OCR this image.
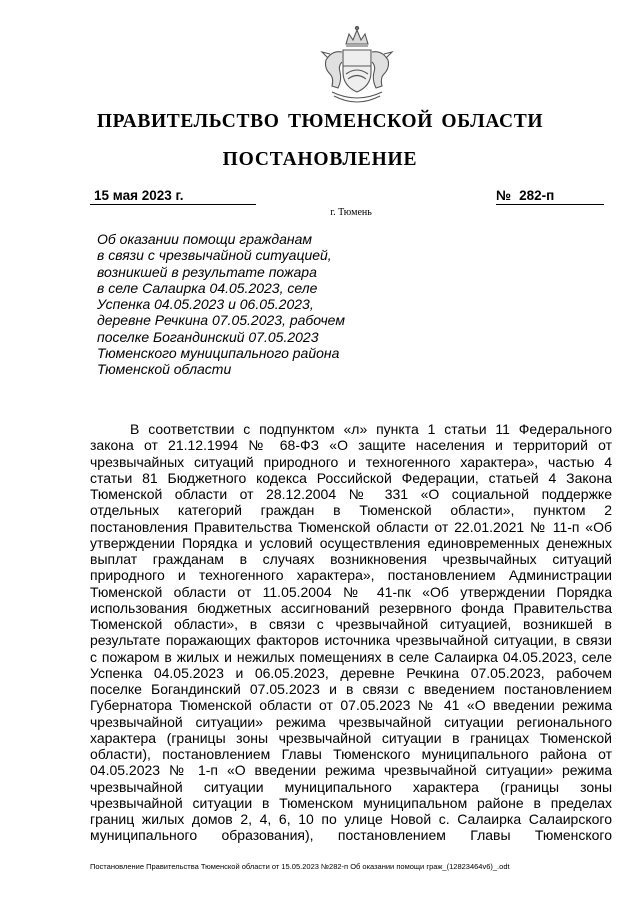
ПРАВИТЕЛЬСТВО ТЮМЕНСКОЙ ОБЛАСТИ
ПОСТАНОВЛЕНИЕ
15 мая 2023 г.	№ 282-п
г. Тюмень
Об оказании помощи гражданам
в связи с чрезвычайной ситуацией,
возникшей в результате пожара
в селе Салаирка 04.05.2023, селе
Успенка 04.05.2023 и 06.05.2023,
деревне Речкина 07.05.2023, рабочем
поселке Богандинский 07.05.2023
Тюменского муниципального района
Тюменской области
В соответствии с подпунктом «л» пункта 1 статьи 11 Федерального
закона от 21.12.1994 № 68-ФЗ «О защите населения и территорий от
чрезвычайных ситуаций природного и техногенного характера», частью 4
статьи 81 Бюджетного кодекса Российской Федерации, статьей 4 Закона
Тюменской области от 28.12.2004 № 331 «О социальной поддержке
отдельных категорий граждан в Тюменской области», пунктом 2
постановления Правительства Тюменской области от 22.01.2021 № 11-п «Об
утверждении Порядка и условий осуществления единовременных денежных
выплат гражданам в случаях возникновения чрезвычайных ситуаций
природного и техногенного характера», постановлением Администрации
Тюменской области от 11.05.2004 № 41-пк «Об утверждении Порядка
использования бюджетных ассигнований резервного фонда Правительства
Тюменской области», в связи с чрезвычайной ситуацией, возникшей в
результате поражающих факторов источника чрезвычайной ситуации, в связи
с пожаром в жилых и нежилых помещениях в селе Салаирка 04.05.2023, селе
Успенка 04.05.2023 и 06.05.2023, деревне Речкина 07.05.2023, рабочем
поселке Богандинский 07.05.2023 и в связи с введением постановлением
Губернатора Тюменской области от 07.05.2023 № 41 «О введении режима
чрезвычайной ситуации» режима чрезвычайной ситуации регионального
характера (границы зоны чрезвычайной ситуации в границах Тюменской
области), постановлением Главы Тюменского муниципального района от
04.05.2023 № 1-п «О введении режима чрезвычайной ситуации» режима
чрезвычайной ситуации муниципального характера (границы зоны
чрезвычайной ситуации в Тюменском муниципальном районе в пределах
границ жилых домов 2, 4, 6, 10 по улице Новой с. Салаирка Салаирского
муниципального образования), постановлением Главы Тюменского
Постановление Правительства Тюменской области от 15.05.2023 №282-п Об оказании помощи граж_(12823464v6)_.odt
